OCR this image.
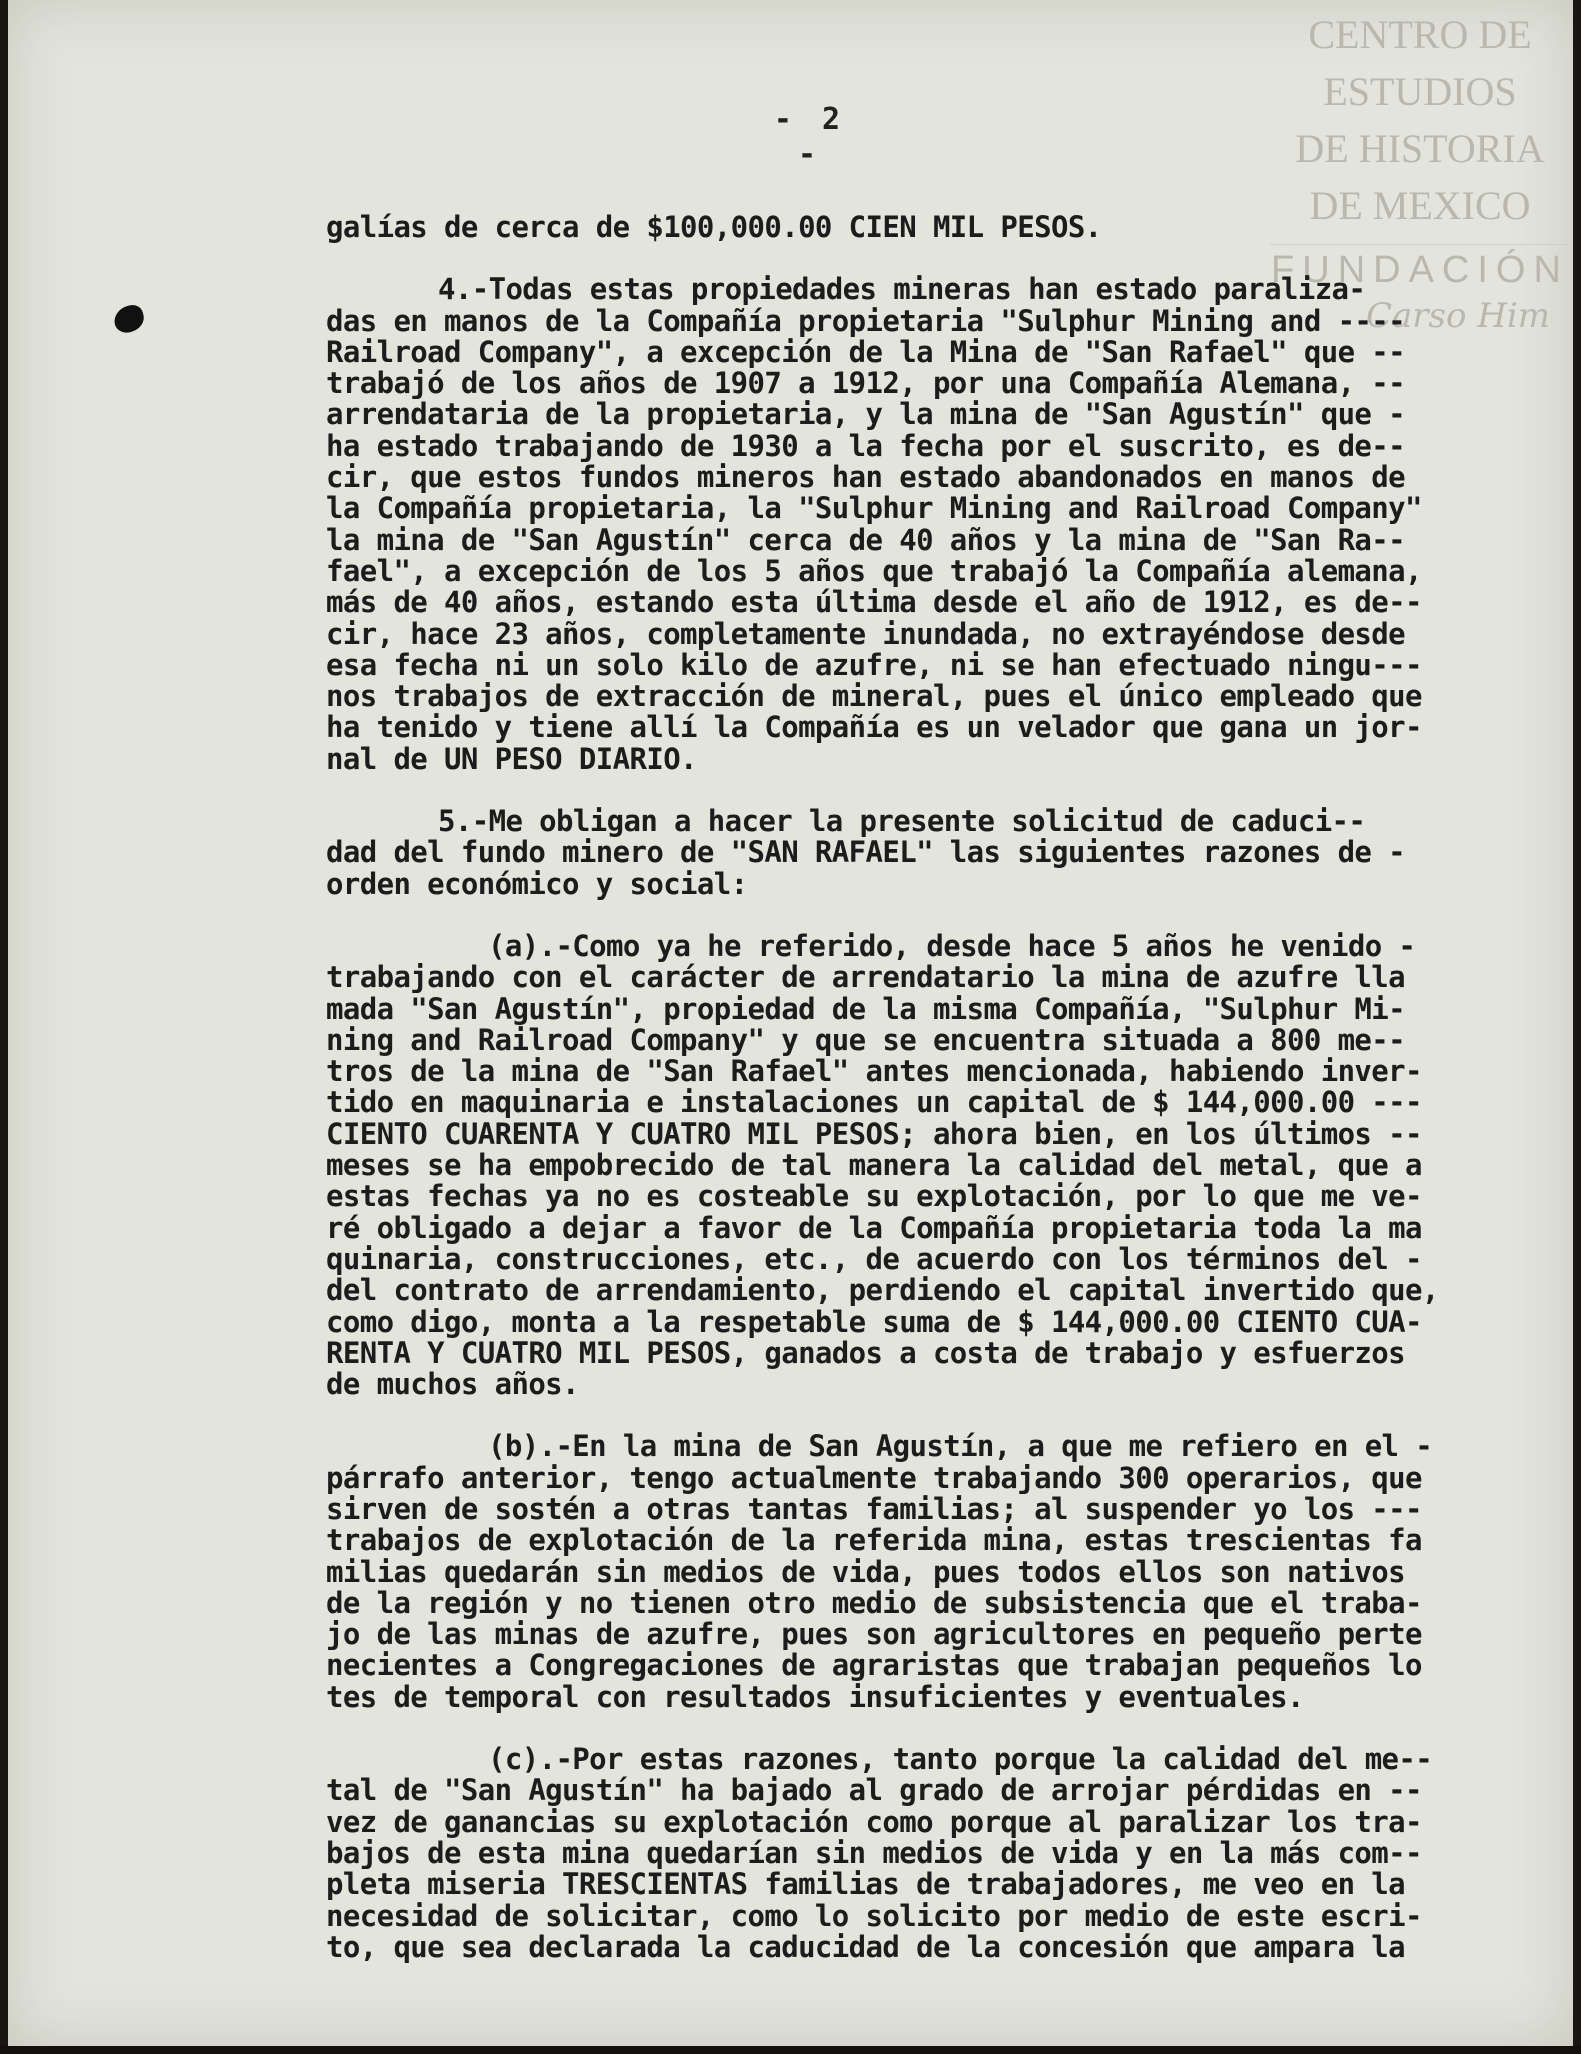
CENTRO DE
ESTUDIOS
DE HISTORIA
DE MEXICO
FUNDACIÓN
Carso Him
- 2 -
galías de cerca de $100,000.00 CIEN MIL PESOS.
4.-Todas estas propiedades mineras han estado paraliza-
das en manos de la Compañía propietaria "Sulphur Mining and ----
Railroad Company", a excepción de la Mina de "San Rafael" que --
trabajó de los años de 1907 a 1912, por una Compañía Alemana, --
arrendataria de la propietaria, y la mina de "San Agustín" que -
ha estado trabajando de 1930 a la fecha por el suscrito, es de--
cir, que estos fundos mineros han estado abandonados en manos de
la Compañía propietaria, la "Sulphur Mining and Railroad Company"
la mina de "San Agustín" cerca de 40 años y la mina de "San Ra--
fael", a excepción de los 5 años que trabajó la Compañía alemana,
más de 40 años, estando esta última desde el año de 1912, es de--
cir, hace 23 años, completamente inundada, no extrayéndose desde
esa fecha ni un solo kilo de azufre, ni se han efectuado ningu---
nos trabajos de extracción de mineral, pues el único empleado que
ha tenido y tiene allí la Compañía es un velador que gana un jor-
nal de UN PESO DIARIO.
5.-Me obligan a hacer la presente solicitud de caduci--
dad del fundo minero de "SAN RAFAEL" las siguientes razones de -
orden económico y social:
(a).-Como ya he referido, desde hace 5 años he venido -
trabajando con el carácter de arrendatario la mina de azufre lla
mada "San Agustín", propiedad de la misma Compañía, "Sulphur Mi-
ning and Railroad Company" y que se encuentra situada a 800 me--
tros de la mina de "San Rafael" antes mencionada, habiendo inver-
tido en maquinaria e instalaciones un capital de $ 144,000.00 ---
CIENTO CUARENTA Y CUATRO MIL PESOS; ahora bien, en los últimos --
meses se ha empobrecido de tal manera la calidad del metal, que a
estas fechas ya no es costeable su explotación, por lo que me ve-
ré obligado a dejar a favor de la Compañía propietaria toda la ma
quinaria, construcciones, etc., de acuerdo con los términos del -
del contrato de arrendamiento, perdiendo el capital invertido que,
como digo, monta a la respetable suma de $ 144,000.00 CIENTO CUA-
RENTA Y CUATRO MIL PESOS, ganados a costa de trabajo y esfuerzos
de muchos años.
(b).-En la mina de San Agustín, a que me refiero en el -
párrafo anterior, tengo actualmente trabajando 300 operarios, que
sirven de sostén a otras tantas familias; al suspender yo los ---
trabajos de explotación de la referida mina, estas trescientas fa
milias quedarán sin medios de vida, pues todos ellos son nativos
de la región y no tienen otro medio de subsistencia que el traba-
jo de las minas de azufre, pues son agricultores en pequeño perte
necientes a Congregaciones de agraristas que trabajan pequeños lo
tes de temporal con resultados insuficientes y eventuales.
(c).-Por estas razones, tanto porque la calidad del me--
tal de "San Agustín" ha bajado al grado de arrojar pérdidas en --
vez de ganancias su explotación como porque al paralizar los tra-
bajos de esta mina quedarían sin medios de vida y en la más com--
pleta miseria TRESCIENTAS familias de trabajadores, me veo en la
necesidad de solicitar, como lo solicito por medio de este escri-
to, que sea declarada la caducidad de la concesión que ampara la
